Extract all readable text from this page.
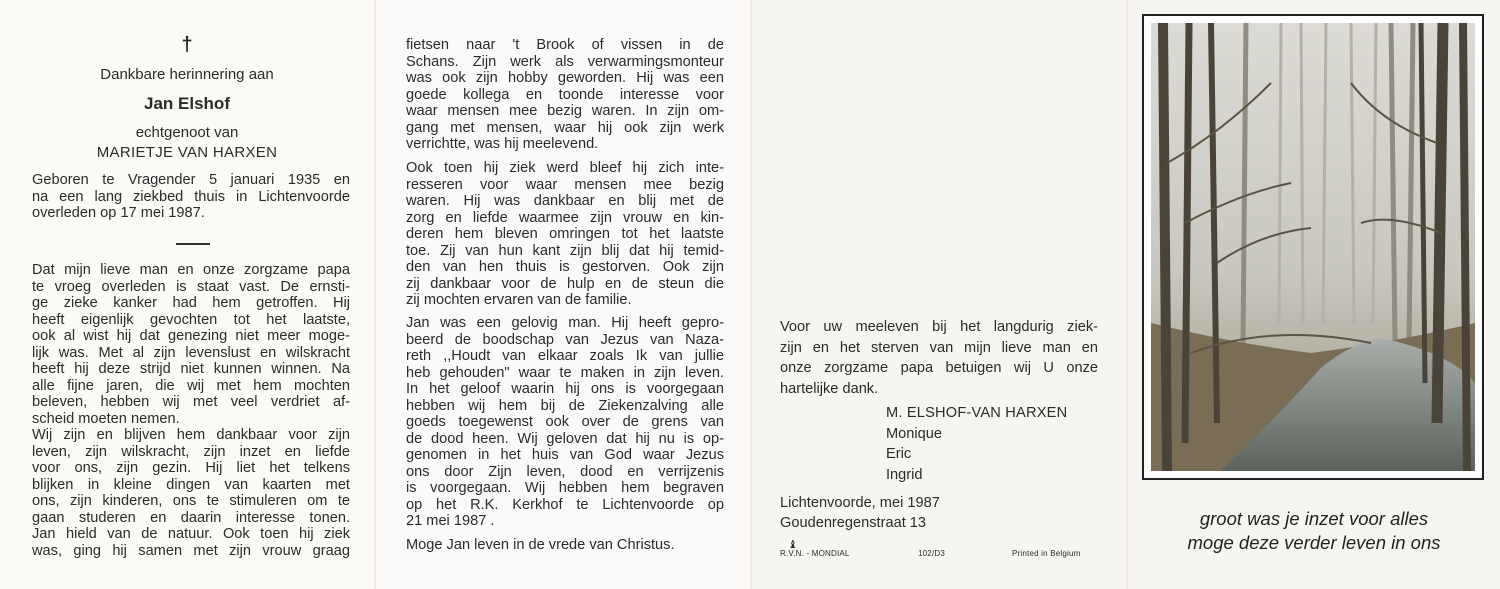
†
Dankbare herinnering aan
Jan Elshof
echtgenoot van
MARIETJE VAN HARXEN
Geboren te Vragender 5 januari 1935 en
na een lang ziekbed thuis in Lichtenvoorde
overleden op 17 mei 1987.
Dat mijn lieve man en onze zorgzame papa
te vroeg overleden is staat vast. De ernsti-
ge zieke kanker had hem getroffen. Hij
heeft eigenlijk gevochten tot het laatste,
ook al wist hij dat genezing niet meer moge-
lijk was. Met al zijn levenslust en wilskracht
heeft hij deze strijd niet kunnen winnen. Na
alle fijne jaren, die wij met hem mochten
beleven, hebben wij met veel verdriet af-
scheid moeten nemen.
Wij zijn en blijven hem dankbaar voor zijn
leven, zijn wilskracht, zijn inzet en liefde
voor ons, zijn gezin. Hij liet het telkens
blijken in kleine dingen van kaarten met
ons, zijn kinderen, ons te stimuleren om te
gaan studeren en daarin interesse tonen.
Jan hield van de natuur. Ook toen hij ziek
was, ging hij samen met zijn vrouw graag
fietsen naar 't Brook of vissen in de
Schans. Zijn werk als verwarmingsmonteur
was ook zijn hobby geworden. Hij was een
goede kollega en toonde interesse voor
waar mensen mee bezig waren. In zijn om-
gang met mensen, waar hij ook zijn werk
verrichtte, was hij meelevend.
Ook toen hij ziek werd bleef hij zich inte-
resseren voor waar mensen mee bezig
waren. Hij was dankbaar en blij met de
zorg en liefde waarmee zijn vrouw en kin-
deren hem bleven omringen tot het laatste
toe. Zij van hun kant zijn blij dat hij temid-
den van hen thuis is gestorven. Ook zijn
zij dankbaar voor de hulp en de steun die
zij mochten ervaren van de familie.
Jan was een gelovig man. Hij heeft gepro-
beerd de boodschap van Jezus van Naza-
reth ,,Houdt van elkaar zoals Ik van jullie
heb gehouden" waar te maken in zijn leven.
In het geloof waarin hij ons is voorgegaan
hebben wij hem bij de Ziekenzalving alle
goeds toegewenst ook over de grens van
de dood heen. Wij geloven dat hij nu is op-
genomen in het huis van God waar Jezus
ons door Zijn leven, dood en verrijzenis
is voorgegaan. Wij hebben hem begraven
op het R.K. Kerkhof te Lichtenvoorde op
21 mei 1987 .
Moge Jan leven in de vrede van Christus.
Voor uw meeleven bij het langdurig ziek-
zijn en het sterven van mijn lieve man en
onze zorgzame papa betuigen wij U onze
hartelijke dank.
M. ELSHOF-VAN HARXEN
Monique
Eric
Ingrid
Lichtenvoorde, mei 1987
Goudenregenstraat 13
♝
R.V.N. - MONDIAL	102/D3	Printed in Belgium
groot was je inzet voor alles
moge deze verder leven in ons
